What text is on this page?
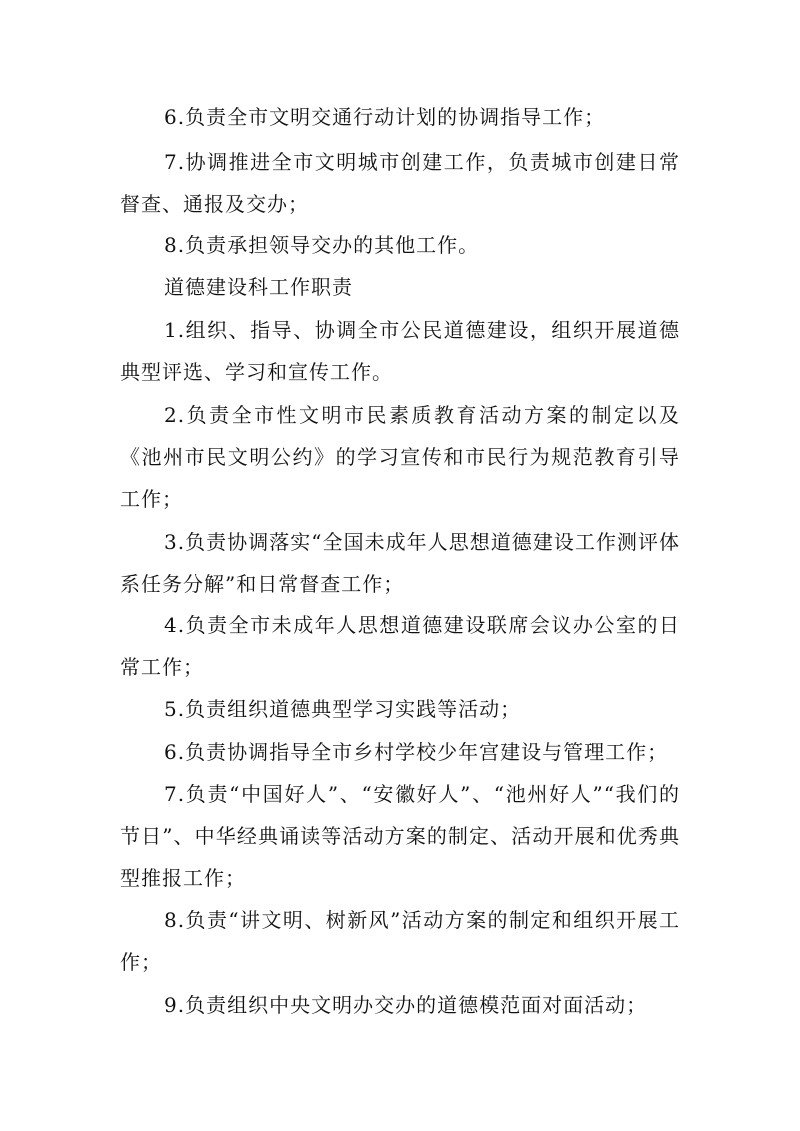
6.负责全市文明交通行动计划的协调指导工作；

7.协调推进全市文明城市创建工作，负责城市创建日常督查、通报及交办；

8.负责承担领导交办的其他工作。

道德建设科工作职责

1.组织、指导、协调全市公民道德建设，组织开展道德典型评选、学习和宣传工作。

2.负责全市性文明市民素质教育活动方案的制定以及《池州市民文明公约》的学习宣传和市民行为规范教育引导工作；

3.负责协调落实“全国未成年人思想道德建设工作测评体系任务分解”和日常督查工作；

4.负责全市未成年人思想道德建设联席会议办公室的日常工作；

5.负责组织道德典型学习实践等活动；

6.负责协调指导全市乡村学校少年宫建设与管理工作；

7.负责“中国好人”、“安徽好人”、“池州好人”“我们的节日”、中华经典诵读等活动方案的制定、活动开展和优秀典型推报工作；

8.负责“讲文明、树新风”活动方案的制定和组织开展工作；

9.负责组织中央文明办交办的道德模范面对面活动；
